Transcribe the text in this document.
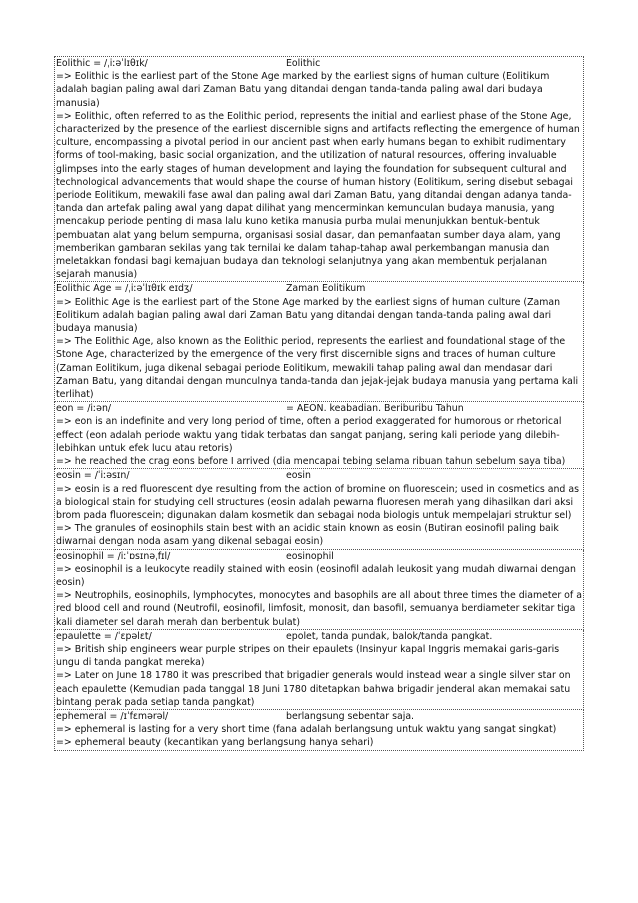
Eolithic = /ˌiːəˈlɪθɪk/	Eolithic

=> Eolithic is the earliest part of the Stone Age marked by the earliest signs of human culture (Eolitikum adalah bagian paling awal dari Zaman Batu yang ditandai dengan tanda-tanda paling awal dari budaya manusia)

=> Eolithic, often referred to as the Eolithic period, represents the initial and earliest phase of the Stone Age, characterized by the presence of the earliest discernible signs and artifacts reflecting the emergence of human culture, encompassing a pivotal period in our ancient past when early humans began to exhibit rudimentary forms of tool-making, basic social organization, and the utilization of natural resources, offering invaluable glimpses into the early stages of human development and laying the foundation for subsequent cultural and technological advancements that would shape the course of human history (Eolitikum, sering disebut sebagai periode Eolitikum, mewakili fase awal dan paling awal dari Zaman Batu, yang ditandai dengan adanya tanda-tanda dan artefak paling awal yang dapat dilihat yang mencerminkan kemunculan budaya manusia, yang mencakup periode penting di masa lalu kuno ketika manusia purba mulai menunjukkan bentuk-bentuk pembuatan alat yang belum sempurna, organisasi sosial dasar, dan pemanfaatan sumber daya alam, yang memberikan gambaran sekilas yang tak ternilai ke dalam tahap-tahap awal perkembangan manusia dan meletakkan fondasi bagi kemajuan budaya dan teknologi selanjutnya yang akan membentuk perjalanan sejarah manusia)

Eolithic Age = /ˌiːəˈlɪθɪk eɪdʒ/	Zaman Eolitikum

=> Eolithic Age is the earliest part of the Stone Age marked by the earliest signs of human culture (Zaman Eolitikum adalah bagian paling awal dari Zaman Batu yang ditandai dengan tanda-tanda paling awal dari budaya manusia)

=> The Eolithic Age, also known as the Eolithic period, represents the earliest and foundational stage of the Stone Age, characterized by the emergence of the very first discernible signs and traces of human culture (Zaman Eolitikum, juga dikenal sebagai periode Eolitikum, mewakili tahap paling awal dan mendasar dari Zaman Batu, yang ditandai dengan munculnya tanda-tanda dan jejak-jejak budaya manusia yang pertama kali terlihat)

eon = /iːən/	= AEON. keabadian. Beriburibu Tahun

=> eon is an indefinite and very long period of time, often a period exaggerated for humorous or rhetorical effect (eon adalah periode waktu yang tidak terbatas dan sangat panjang, sering kali periode yang dilebih-lebihkan untuk efek lucu atau retoris)

=> he reached the crag eons before I arrived (dia mencapai tebing selama ribuan tahun sebelum saya tiba)

eosin = /ˈiːəsɪn/	eosin

=> eosin is a red fluorescent dye resulting from the action of bromine on fluorescein; used in cosmetics and as a biological stain for studying cell structures (eosin adalah pewarna fluoresen merah yang dihasilkan dari aksi brom pada fluorescein; digunakan dalam kosmetik dan sebagai noda biologis untuk mempelajari struktur sel)

=> The granules of eosinophils stain best with an acidic stain known as eosin (Butiran eosinofil paling baik diwarnai dengan noda asam yang dikenal sebagai eosin)

eosinophil = /iːˈɒsɪnəˌfɪl/	eosinophil

=> eosinophil is a leukocyte readily stained with eosin (eosinofil adalah leukosit yang mudah diwarnai dengan eosin)

=> Neutrophils, eosinophils, lymphocytes, monocytes and basophils are all about three times the diameter of a red blood cell and round (Neutrofil, eosinofil, limfosit, monosit, dan basofil, semuanya berdiameter sekitar tiga kali diameter sel darah merah dan berbentuk bulat)

epaulette = /ˈɛpəlɛt/	epolet, tanda pundak, balok/tanda pangkat.

=> British ship engineers wear purple stripes on their epaulets (Insinyur kapal Inggris memakai garis-garis ungu di tanda pangkat mereka)

=> Later on June 18 1780 it was prescribed that brigadier generals would instead wear a single silver star on each epaulette (Kemudian pada tanggal 18 Juni 1780 ditetapkan bahwa brigadir jenderal akan memakai satu bintang perak pada setiap tanda pangkat)

ephemeral = /ɪˈfɛmərəl/	berlangsung sebentar saja.

=> ephemeral is lasting for a very short time (fana adalah berlangsung untuk waktu yang sangat singkat)

=> ephemeral beauty (kecantikan yang berlangsung hanya sehari)
